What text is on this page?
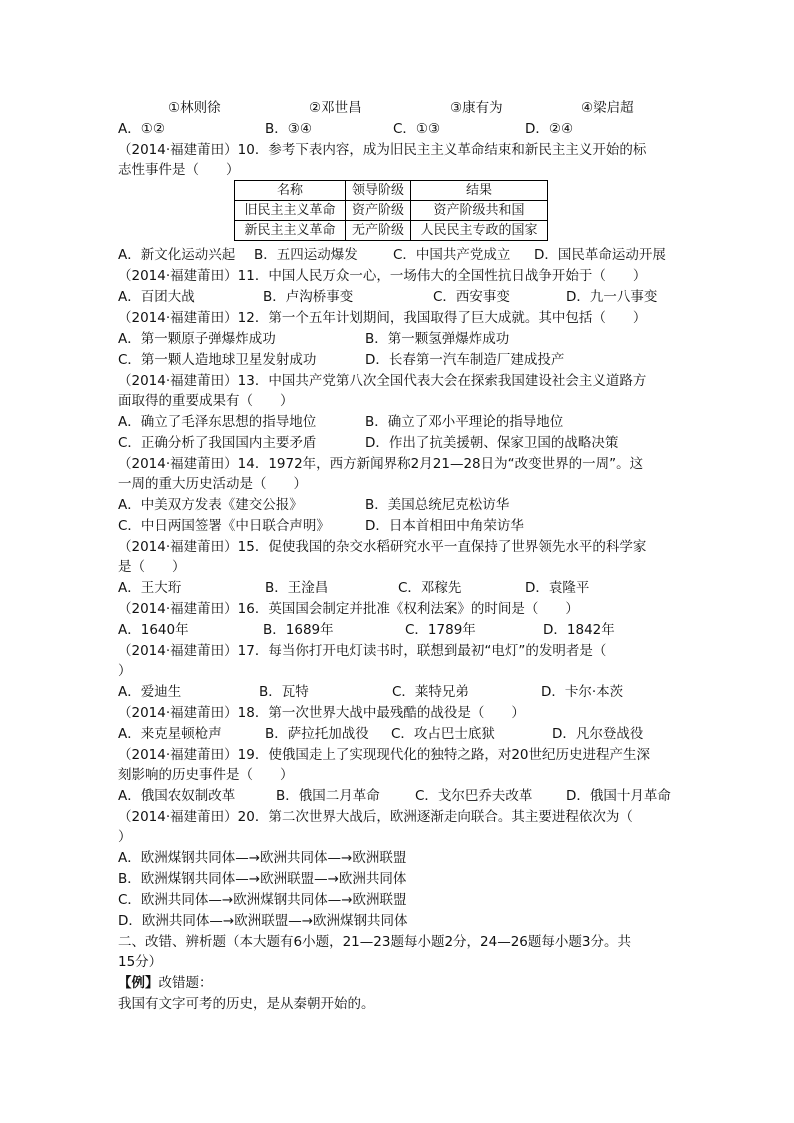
①林则徐	②邓世昌	③康有为	④梁启超
A．①②	B．③④	C．①③	D．②④
（2014·福建莆田）10．参考下表内容，成为旧民主主义革命结束和新民主主义开始的标
志性事件是（　　）
名称	领导阶级	结果
旧民主主义革命	资产阶级	资产阶级共和国
新民主主义革命	无产阶级	人民民主专政的国家
A．新文化运动兴起 B．五四运动爆发	C．中国共产党成立 D．国民革命运动开展
（2014·福建莆田）11．中国人民万众一心，一场伟大的全国性抗日战争开始于（　　）
A．百团大战	B．卢沟桥事变	C．西安事变	D．九一八事变
（2014·福建莆田）12．第一个五年计划期间，我国取得了巨大成就。其中包括（　　）
A．第一颗原子弹爆炸成功	B．第一颗氢弹爆炸成功
C．第一颗人造地球卫星发射成功	D．长春第一汽车制造厂建成投产
（2014·福建莆田）13．中国共产党第八次全国代表大会在探索我国建设社会主义道路方
面取得的重要成果有（　　）
A．确立了毛泽东思想的指导地位	B．确立了邓小平理论的指导地位
C．正确分析了我国国内主要矛盾	D．作出了抗美援朝、保家卫国的战略决策
（2014·福建莆田）14．1972年，西方新闻界称2月21—28日为“改变世界的一周”。这
一周的重大历史活动是（　　）
A．中美双方发表《建交公报》	B．美国总统尼克松访华
C．中日两国签署《中日联合声明》	D．日本首相田中角荣访华
（2014·福建莆田）15．促使我国的杂交水稻研究水平一直保持了世界领先水平的科学家
是（　　）
A．王大珩	B．王淦昌	C．邓稼先	D．袁隆平
（2014·福建莆田）16．英国国会制定并批准《权利法案》的时间是（　　）
A．1640年	B．1689年	C．1789年	D．1842年
（2014·福建莆田）17．每当你打开电灯读书时，联想到最初“电灯”的发明者是（
）
A．爱迪生	B．瓦特	C．莱特兄弟	D．卡尔·本茨
（2014·福建莆田）18．第一次世界大战中最残酷的战役是（　　）
A．来克星顿枪声	B．萨拉托加战役 C．攻占巴士底狱	D．凡尔登战役
（2014·福建莆田）19．使俄国走上了实现现代化的独特之路，对20世纪历史进程产生深
刻影响的历史事件是（　　）
A．俄国农奴制改革	B．俄国二月革命	C．戈尔巴乔夫改革 D．俄国十月革命
（2014·福建莆田）20．第二次世界大战后，欧洲逐渐走向联合。其主要进程依次为（
）
A．欧洲煤钢共同体—→欧洲共同体—→欧洲联盟
B．欧洲煤钢共同体—→欧洲联盟—→欧洲共同体
C．欧洲共同体—→欧洲煤钢共同体—→欧洲联盟
D．欧洲共同体—→欧洲联盟—→欧洲煤钢共同体
二、改错、辨析题（本大题有6小题，21—23题每小题2分，24—26题每小题3分。共
15分）
【例】改错题：
我国有文字可考的历史，是从秦朝开始的。
